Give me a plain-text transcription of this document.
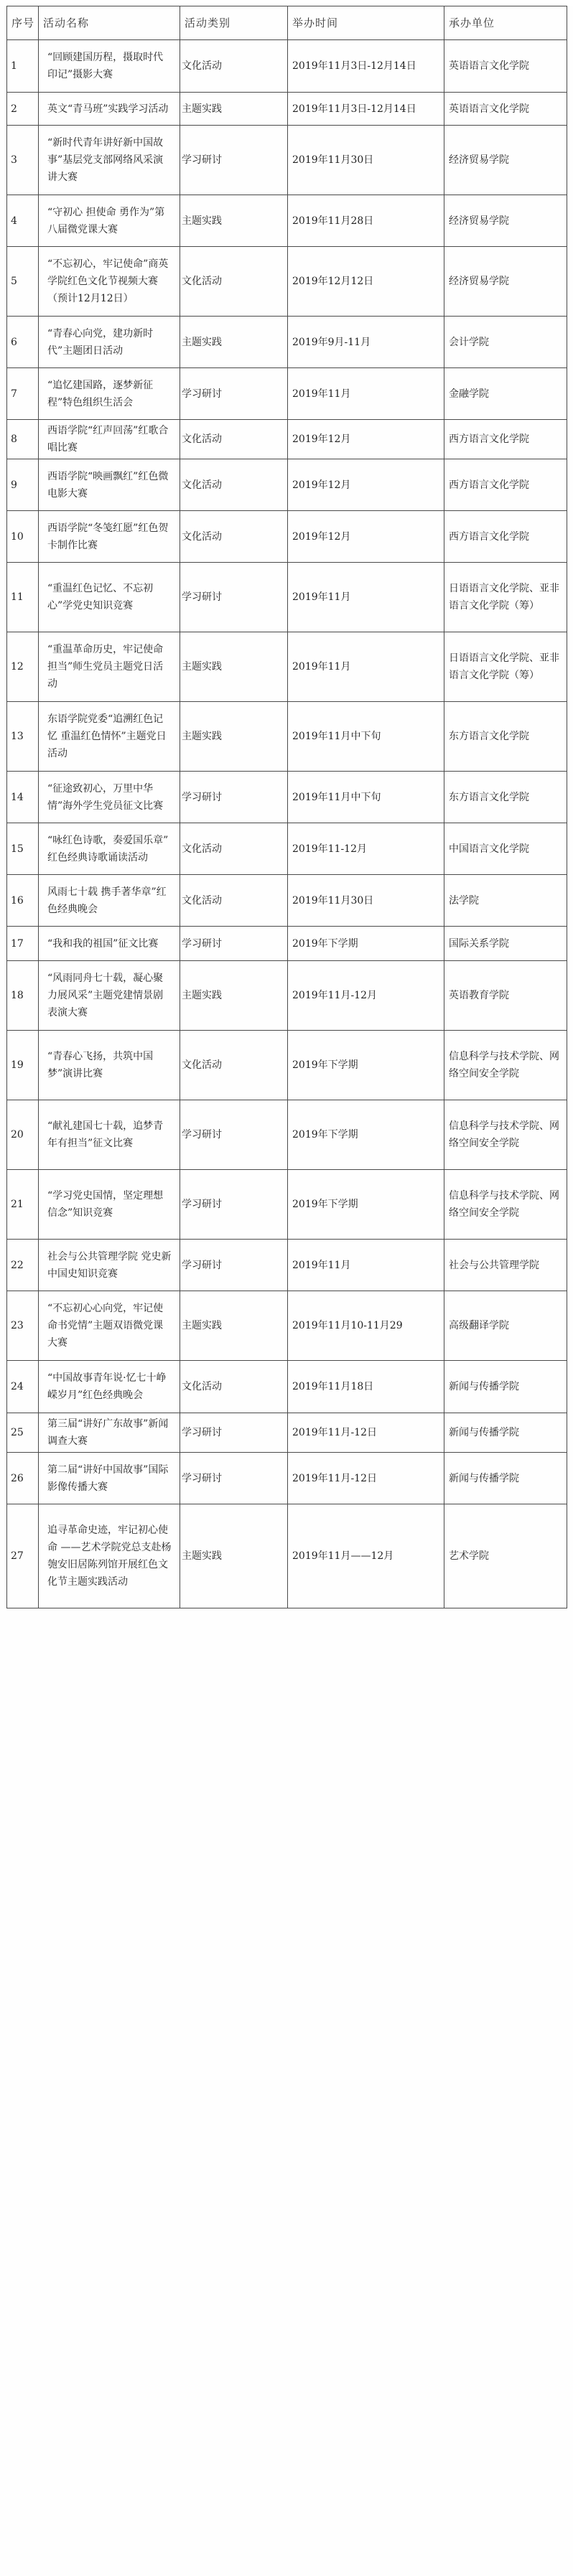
序号	活动名称	活动类别	举办时间	承办单位
1	“回顾建国历程，摄取时代印记”摄影大赛	文化活动	2019年11月3日-12月14日	英语语言文化学院
2	英文“青马班”实践学习活动	主题实践	2019年11月3日-12月14日	英语语言文化学院
3	“新时代青年讲好新中国故事”基层党支部网络风采演讲大赛	学习研讨	2019年11月30日	经济贸易学院
4	“守初心 担使命 勇作为”第八届微党课大赛	主题实践	2019年11月28日	经济贸易学院
5	“不忘初心，牢记使命”商英学院红色文化节视频大赛（预计12月12日）	文化活动	2019年12月12日	经济贸易学院
6	“青春心向党，建功新时代”主题团日活动	主题实践	2019年9月-11月	会计学院
7	“追忆建国路，逐梦新征程”特色组织生活会	学习研讨	2019年11月	金融学院
8	西语学院“红声回荡”红歌合唱比赛	文化活动	2019年12月	西方语言文化学院
9	西语学院“映画飘红”红色微电影大赛	文化活动	2019年12月	西方语言文化学院
10	西语学院“冬笺红愿”红色贺卡制作比赛	文化活动	2019年12月	西方语言文化学院
11	“重温红色记忆、不忘初心”学党史知识竞赛	学习研讨	2019年11月	日语语言文化学院、亚非语言文化学院（筹）
12	“重温革命历史，牢记使命担当”师生党员主题党日活动	主题实践	2019年11月	日语语言文化学院、亚非语言文化学院（筹）
13	东语学院党委“追溯红色记忆 重温红色情怀”主题党日活动	主题实践	2019年11月中下旬	东方语言文化学院
14	“征途致初心，万里中华情”海外学生党员征文比赛	学习研讨	2019年11月中下旬	东方语言文化学院
15	“咏红色诗歌，奏爱国乐章” 红色经典诗歌诵读活动	文化活动	2019年11-12月	中国语言文化学院
16	风雨七十载 携手著华章”红色经典晚会	文化活动	2019年11月30日	法学院
17	“我和我的祖国”征文比赛	学习研讨	2019年下学期	国际关系学院
18	“风雨同舟七十载，凝心聚力展风采”主题党建情景剧表演大赛	主题实践	2019年11月-12月	英语教育学院
19	“青春心飞扬，共筑中国梦”演讲比赛	文化活动	2019年下学期	信息科学与技术学院、网络空间安全学院
20	“献礼建国七十载，追梦青年有担当”征文比赛	学习研讨	2019年下学期	信息科学与技术学院、网络空间安全学院
21	“学习党史国情，坚定理想信念”知识竞赛	学习研讨	2019年下学期	信息科学与技术学院、网络空间安全学院
22	社会与公共管理学院 党史新中国史知识竞赛	学习研讨	2019年11月	社会与公共管理学院
23	“不忘初心心向党，牢记使命书党情”主题双语微党课大赛	主题实践	2019年11月10-11月29	高级翻译学院
24	“中国故事青年说·忆七十峥嵘岁月”红色经典晚会	文化活动	2019年11月18日	新闻与传播学院
25	第三届“讲好广东故事”新闻调查大赛	学习研讨	2019年11月-12日	新闻与传播学院
26	第二届“讲好中国故事”国际影像传播大赛	学习研讨	2019年11月-12日	新闻与传播学院
27	追寻革命史迹，牢记初心使命 ——艺术学院党总支赴杨匏安旧居陈列馆开展红色文化节主题实践活动	主题实践	2019年11月——12月	艺术学院
